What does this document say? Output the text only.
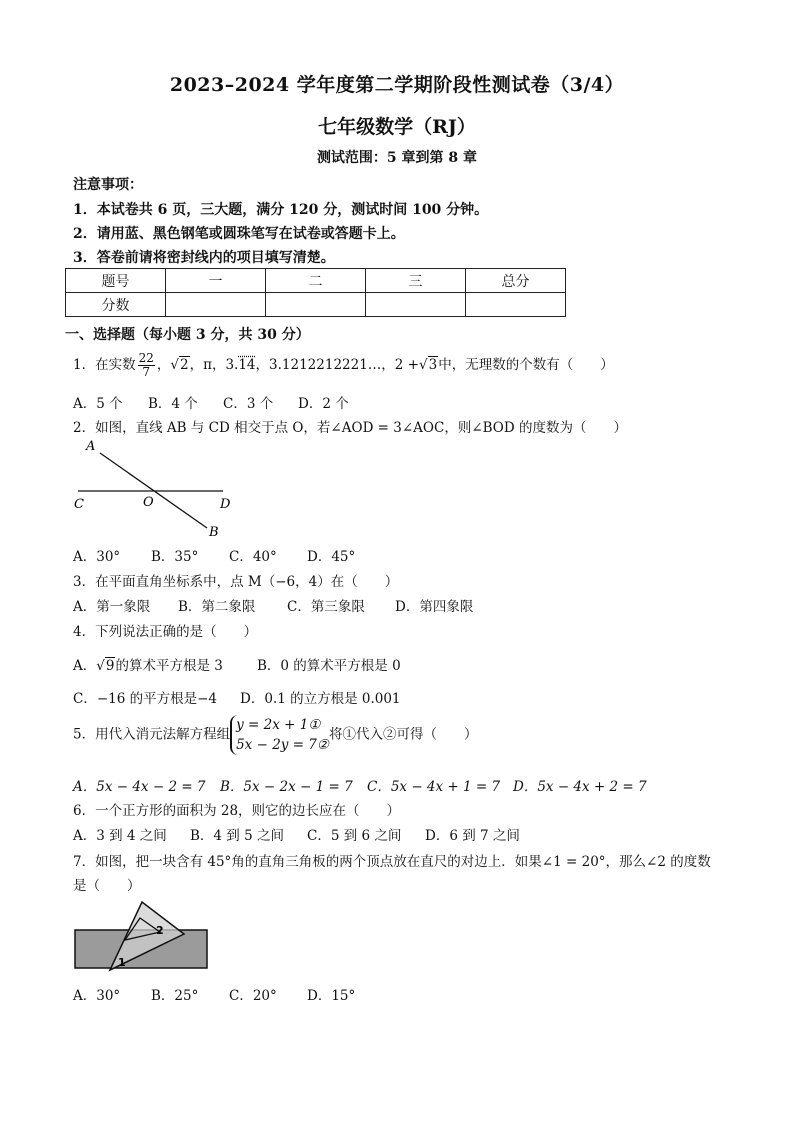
2023–2024 学年度第二学期阶段性测试卷（3/4）
七年级数学（RJ）
测试范围：5 章到第 8 章
注意事项：
1．本试卷共 6 页，三大题，满分 120 分，测试时间 100 分钟。
2．请用蓝、黑色钢笔或圆珠笔写在试卷或答题卡上。
3．答卷前请将密封线内的项目填写清楚。
题号	一	二	三	总分
分数				
一、选择题（每小题 3 分，共 30 分）
1．在实数 $\frac{22}{7}$ ，√2，π，3.14，3.1212212221…，2 +√3中，无理数的个数有（　　）
A．5 个 B．4 个 C．3 个 D．2 个
2．如图，直线 AB 与 CD 相交于点 O，若∠AOD = 3∠AOC，则∠BOD 的度数为（　　）
A
C	O	D
B
A．30° B．35° C．40° D．45°
3．在平面直角坐标系中，点 M（−6，4）在（　　）
A．第一象限 B．第二象限 C．第三象限 D．第四象限
4．下列说法正确的是（　　）
A．√9的算术平方根是 3	B．0 的算术平方根是 0
C．−16 的平方根是−4 D．0.1 的立方根是 0.001
5．用代入消元法解方程组
y = 2x + 1①
5x − 2y = 7②
将①代入②可得（　　）
A．5x − 4x − 2 = 7 B．5x − 2x − 1 = 7 C．5x − 4x + 1 = 7 D．5x − 4x + 2 = 7
6．一个正方形的面积为 28，则它的边长应在（　　）
A．3 到 4 之间 B．4 到 5 之间 C．5 到 6 之间 D．6 到 7 之间
7．如图，把一块含有 45°角的直角三角板的两个顶点放在直尺的对边上．如果∠1 = 20°，那么∠2 的度数
是（　　）
2
1
A．30° B．25° C．20° D．15°
